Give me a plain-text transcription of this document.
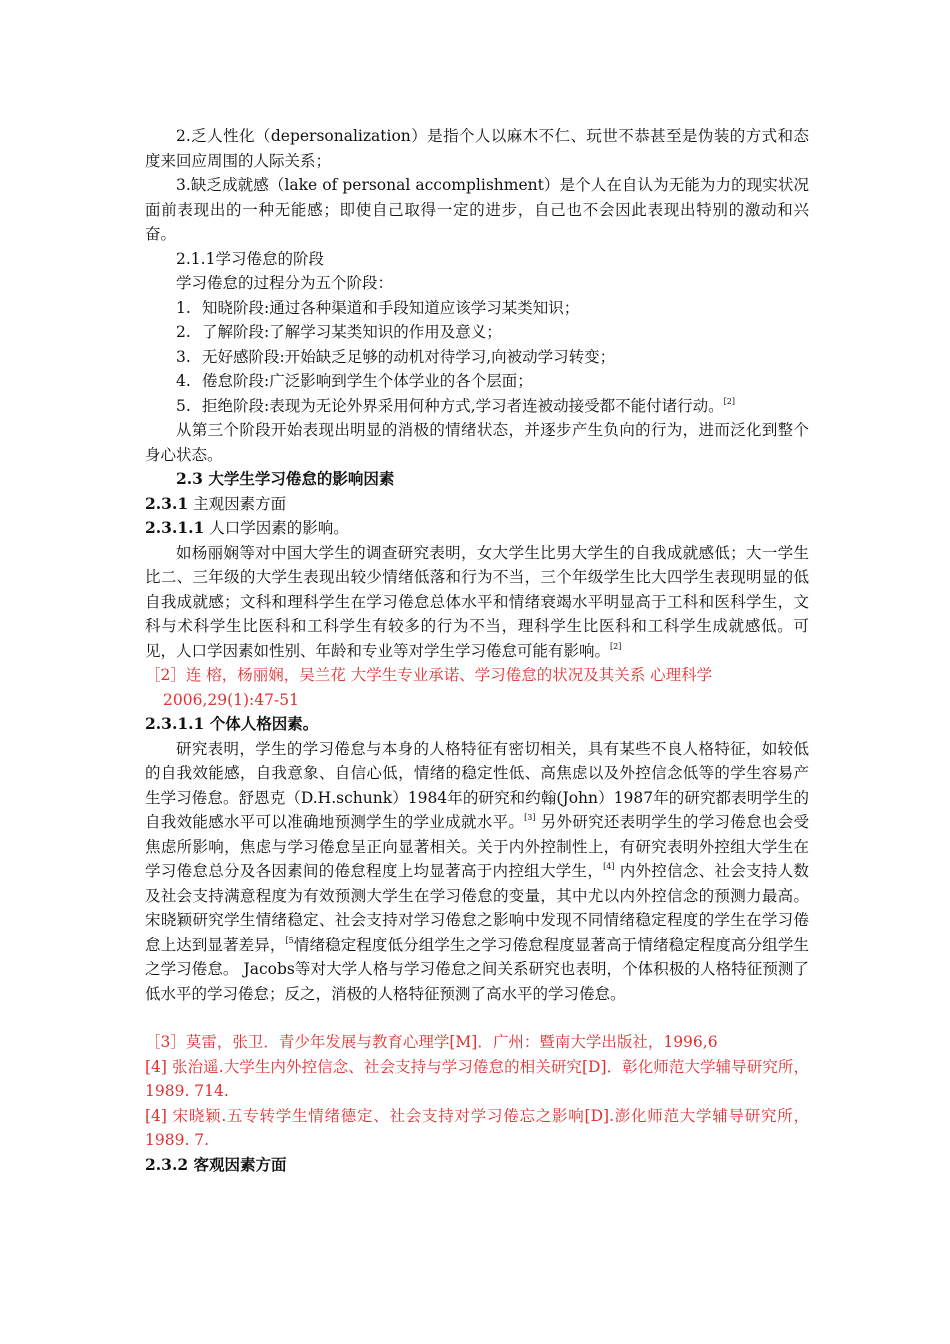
2.乏人性化（depersonalization）是指个人以麻木不仁、玩世不恭甚至是伪装的方式和态度来回应周围的人际关系；

3.缺乏成就感（lake of personal accomplishment）是个人在自认为无能为力的现实状况面前表现出的一种无能感；即使自己取得一定的进步，自己也不会因此表现出特别的激动和兴奋。

2.1.1学习倦怠的阶段

学习倦怠的过程分为五个阶段：

1. 知晓阶段:通过各种渠道和手段知道应该学习某类知识；

2. 了解阶段:了解学习某类知识的作用及意义；

3. 无好感阶段:开始缺乏足够的动机对待学习,向被动学习转变；

4. 倦怠阶段:广泛影响到学生个体学业的各个层面；

5. 拒绝阶段:表现为无论外界采用何种方式,学习者连被动接受都不能付诸行动。[2]

从第三个阶段开始表现出明显的消极的情绪状态，并逐步产生负向的行为，进而泛化到整个身心状态。

2.3 大学生学习倦怠的影响因素

2.3.1 主观因素方面

2.3.1.1 人口学因素的影响。

如杨丽娴等对中国大学生的调查研究表明，女大学生比男大学生的自我成就感低；大一学生比二、三年级的大学生表现出较少情绪低落和行为不当，三个年级学生比大四学生表现明显的低自我成就感；文科和理科学生在学习倦怠总体水平和情绪衰竭水平明显高于工科和医科学生，文科与术科学生比医科和工科学生有较多的行为不当，理科学生比医科和工科学生成就感低。可见，人口学因素如性别、年龄和专业等对学生学习倦怠可能有影响。[2]

［2］连 榕，杨丽娴，吴兰花 大学生专业承诺、学习倦怠的状况及其关系 心理科学

2006,29(1):47-51

2.3.1.1 个体人格因素。

研究表明，学生的学习倦怠与本身的人格特征有密切相关，具有某些不良人格特征，如较低的自我效能感，自我意象、自信心低，情绪的稳定性低、高焦虑以及外控信念低等的学生容易产生学习倦怠。舒恩克（D.H.schunk）1984年的研究和约翰(John）1987年的研究都表明学生的自我效能感水平可以准确地预测学生的学业成就水平。[3] 另外研究还表明学生的学习倦怠也会受焦虑所影响，焦虑与学习倦怠呈正向显著相关。关于内外控制性上，有研究表明外控组大学生在学习倦怠总分及各因素间的倦怠程度上均显著高于内控组大学生，[4] 内外控信念、社会支持人数及社会支持满意程度为有效预测大学生在学习倦怠的变量，其中尤以内外控信念的预测力最高。宋晓颖研究学生情绪稳定、社会支持对学习倦怠之影响中发现不同情绪稳定程度的学生在学习倦怠上达到显著差异，$^{[5}$情绪稳定程度低分组学生之学习倦怠程度显著高于情绪稳定程度高分组学生之学习倦怠。 Jacobs等对大学人格与学习倦怠之间关系研究也表明，个体积极的人格特征预测了低水平的学习倦怠；反之，消极的人格特征预测了高水平的学习倦怠。

［3］莫雷，张卫．青少年发展与教育心理学[M]．广州：暨南大学出版社，1996,6

[4] 张治遥.大学生内外控信念、社会支持与学习倦怠的相关研究[D]．彰化师范大学辅导研究所，1989. 714.

[4] 宋晓颖.五专转学生情绪德定、社会支持对学习倦忘之影响[D].澎化师范大学辅导研究所，1989. 7.

2.3.2 客观因素方面
